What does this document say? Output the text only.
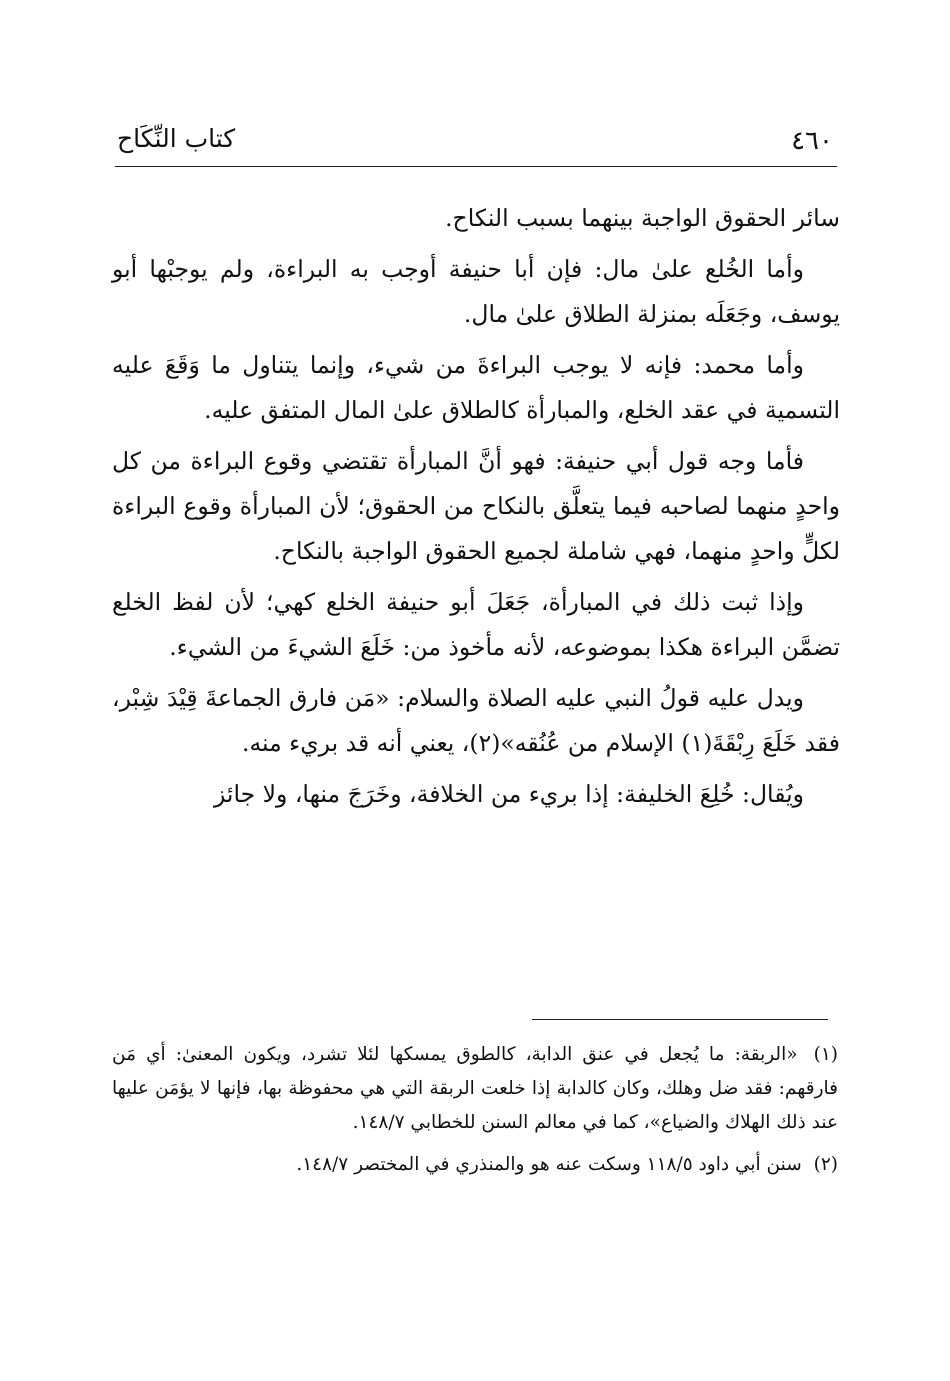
٤٦٠
كتاب النِّكَاح

سائر الحقوق الواجبة بينهما بسبب النكاح.

وأما الخُلع علىٰ مال: فإن أبا حنيفة أوجب به البراءة، ولم يوجبْها أبو يوسف، وجَعَلَه بمنزلة الطلاق علىٰ مال.

وأما محمد: فإنه لا يوجب البراءةَ من شيء، وإنما يتناول ما وَقَعَ عليه التسمية في عقد الخلع، والمبارأة كالطلاق علىٰ المال المتفق عليه.

فأما وجه قول أبي حنيفة: فهو أنَّ المبارأة تقتضي وقوع البراءة من كل واحدٍ منهما لصاحبه فيما يتعلَّق بالنكاح من الحقوق؛ لأن المبارأة وقوع البراءة لكلٍّ واحدٍ منهما، فهي شاملة لجميع الحقوق الواجبة بالنكاح.

وإذا ثبت ذلك في المبارأة، جَعَلَ أبو حنيفة الخلع كهي؛ لأن لفظ الخلع تضمَّن البراءة هكذا بموضوعه، لأنه مأخوذ من: خَلَعَ الشيءَ من الشيء.

ويدل عليه قولُ النبي عليه الصلاة والسلام: «مَن فارق الجماعةَ قِيْدَ شِبْر، فقد خَلَعَ رِبْقَةَ(١) الإسلام من عُنُقه»(٢)، يعني أنه قد بريء منه.

ويُقال: خُلِعَ الخليفة: إذا بريء من الخلافة، وخَرَجَ منها، ولا جائز

(١) «الربقة: ما يُجعل في عنق الدابة، كالطوق يمسكها لئلا تشرد، ويكون المعنىٰ: أي مَن فارقهم: فقد ضل وهلك، وكان كالدابة إذا خلعت الربقة التي هي محفوظة بها، فإنها لا يؤمَن عليها عند ذلك الهلاك والضياع»، كما في معالم السنن للخطابي ١٤٨/٧.

(٢) سنن أبي داود ١١٨/٥ وسكت عنه هو والمنذري في المختصر ١٤٨/٧.
